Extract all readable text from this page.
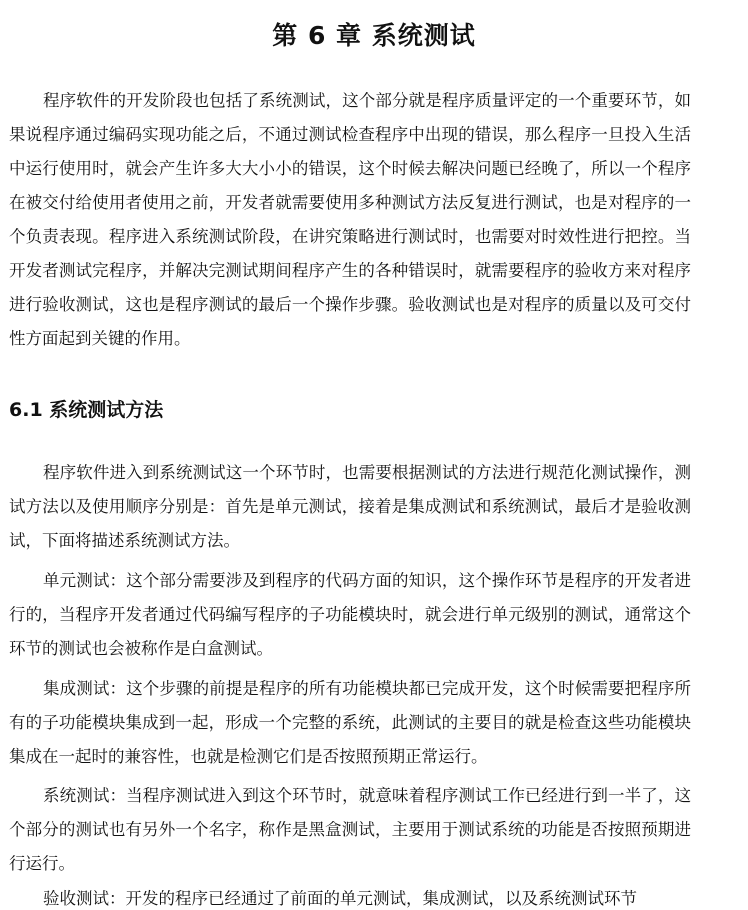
第 6 章 系统测试

程序软件的开发阶段也包括了系统测试，这个部分就是程序质量评定的一个重要环节，如果说程序通过编码实现功能之后，不通过测试检查程序中出现的错误，那么程序一旦投入生活中运行使用时，就会产生许多大大小小的错误，这个时候去解决问题已经晚了，所以一个程序在被交付给使用者使用之前，开发者就需要使用多种测试方法反复进行测试，也是对程序的一个负责表现。程序进入系统测试阶段，在讲究策略进行测试时，也需要对时效性进行把控。当开发者测试完程序，并解决完测试期间程序产生的各种错误时，就需要程序的验收方来对程序进行验收测试，这也是程序测试的最后一个操作步骤。验收测试也是对程序的质量以及可交付性方面起到关键的作用。

6.1 系统测试方法

程序软件进入到系统测试这一个环节时，也需要根据测试的方法进行规范化测试操作，测试方法以及使用顺序分别是：首先是单元测试，接着是集成测试和系统测试，最后才是验收测试，下面将描述系统测试方法。

单元测试：这个部分需要涉及到程序的代码方面的知识，这个操作环节是程序的开发者进行的，当程序开发者通过代码编写程序的子功能模块时，就会进行单元级别的测试，通常这个环节的测试也会被称作是白盒测试。

集成测试：这个步骤的前提是程序的所有功能模块都已完成开发，这个时候需要把程序所有的子功能模块集成到一起，形成一个完整的系统，此测试的主要目的就是检查这些功能模块集成在一起时的兼容性，也就是检测它们是否按照预期正常运行。

系统测试：当程序测试进入到这个环节时，就意味着程序测试工作已经进行到一半了，这个部分的测试也有另外一个名字，称作是黑盒测试，主要用于测试系统的功能是否按照预期进行运行。

验收测试：开发的程序已经通过了前面的单元测试，集成测试，以及系统测试环节
